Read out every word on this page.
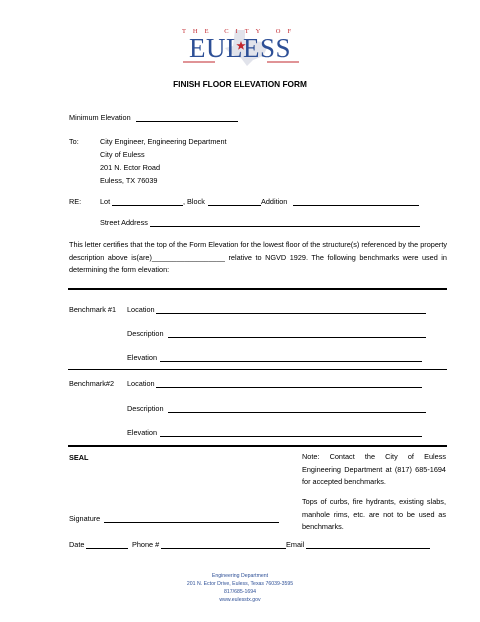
THE CITY OF
EULESS
FINISH FLOOR ELEVATION FORM
Minimum Elevation
To:	City Engineer, Engineering Department
City of Euless
201 N. Ector Road
Euless, TX 76039
RE:	Lot	, Block	Addition
Street Address
This letter certifies that the top of the Form Elevation for the lowest floor of the structure(s) referenced by the property description above is(are)__________________ relative to NGVD 1929. The following benchmarks were used in determining the form elevation:
Benchmark #1 Location
Description
Elevation
Benchmark#2 Location
Description
Elevation
SEAL	Note: Contact the City of Euless Engineering Department at (817) 685-1694 for accepted benchmarks.
Tops of curbs, fire hydrants, existing slabs, manhole rims, etc. are not to be used as benchmarks.
Signature
Date	Phone #	Email
Engineering Department
201 N. Ector Drive, Euless, Texas 76039-3595
817/685-1694
www.eulesstx.gov
